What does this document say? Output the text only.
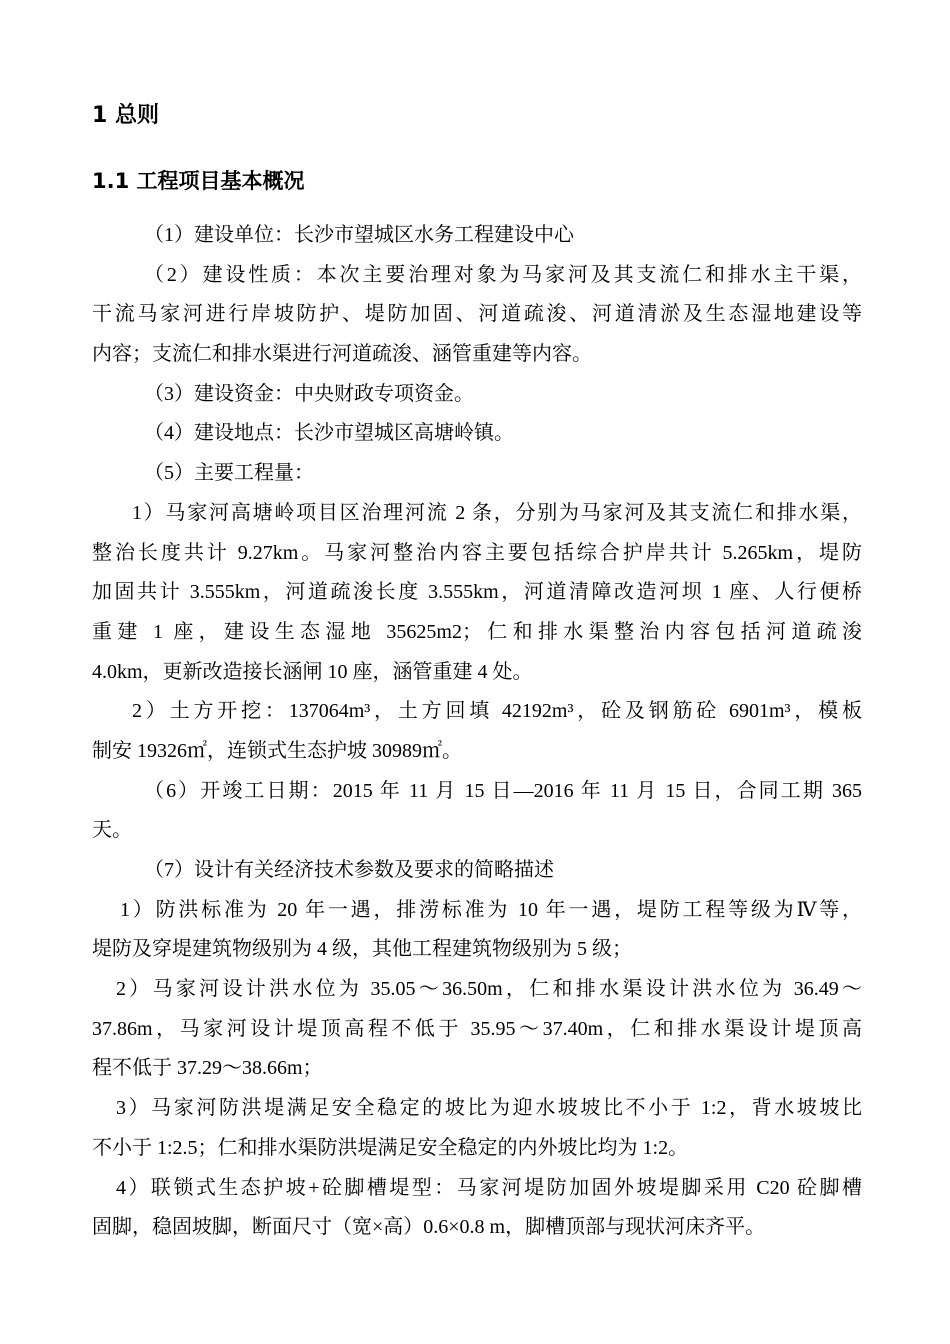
1 总则
1.1 工程项目基本概况
（1）建设单位：长沙市望城区水务工程建设中心
（2）建设性质：本次主要治理对象为马家河及其支流仁和排水主干渠，
干流马家河进行岸坡防护、堤防加固、河道疏浚、河道清淤及生态湿地建设等
内容；支流仁和排水渠进行河道疏浚、涵管重建等内容。
（3）建设资金：中央财政专项资金。
（4）建设地点：长沙市望城区高塘岭镇。
（5）主要工程量：
1）马家河高塘岭项目区治理河流 2 条，分别为马家河及其支流仁和排水渠，
整治长度共计 9.27km。马家河整治内容主要包括综合护岸共计 5.265km，堤防
加固共计 3.555km，河道疏浚长度 3.555km，河道清障改造河坝 1 座、人行便桥
重建 1 座，建设生态湿地 35625m2；仁和排水渠整治内容包括河道疏浚
4.0km，更新改造接长涵闸 10 座，涵管重建 4 处。
2）土方开挖：137064m³，土方回填 42192m³，砼及钢筋砼 6901m³，模板
制安 19326㎡，连锁式生态护坡 30989㎡。
（6）开竣工日期：2015 年 11 月 15 日—2016 年 11 月 15 日，合同工期 365
天。
（7）设计有关经济技术参数及要求的简略描述
1）防洪标准为 20 年一遇，排涝标准为 10 年一遇，堤防工程等级为Ⅳ等，
堤防及穿堤建筑物级别为 4 级，其他工程建筑物级别为 5 级；
2）马家河设计洪水位为 35.05～36.50m，仁和排水渠设计洪水位为 36.49～
37.86m，马家河设计堤顶高程不低于 35.95～37.40m，仁和排水渠设计堤顶高
程不低于 37.29～38.66m；
3）马家河防洪堤满足安全稳定的坡比为迎水坡坡比不小于 1:2，背水坡坡比
不小于 1:2.5；仁和排水渠防洪堤满足安全稳定的内外坡比均为 1:2。
4）联锁式生态护坡+砼脚槽堤型：马家河堤防加固外坡堤脚采用 C20 砼脚槽
固脚，稳固坡脚，断面尺寸（宽×高）0.6×0.8 m，脚槽顶部与现状河床齐平。
